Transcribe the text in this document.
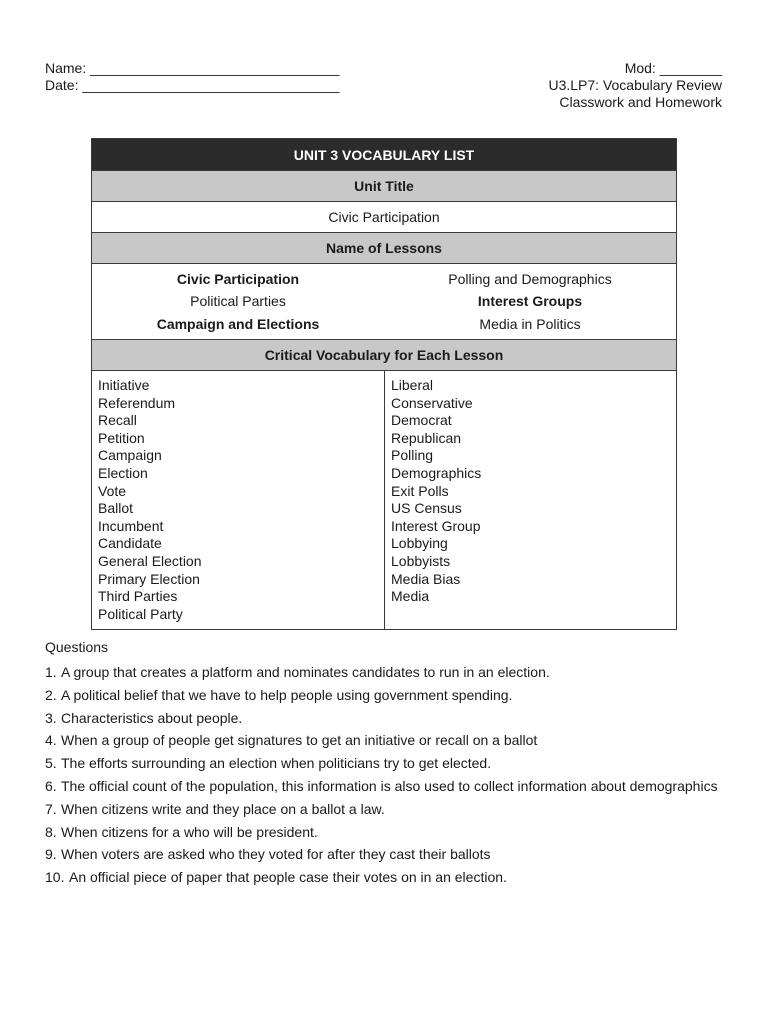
Name: ________________________________
Date: _________________________________
Mod: ________
U3.LP7: Vocabulary Review
Classwork and Homework
UNIT 3 VOCABULARY LIST
Unit Title
Civic Participation
Name of Lessons

Civic Participation	Polling and Demographics
Political Parties	Interest Groups
Campaign and Elections	Media in Politics

Critical Vocabulary for Each Lesson

Initiative
Referendum
Recall
Petition
Campaign
Election
Vote
Ballot
Incumbent
Candidate
General Election
Primary Election
Third Parties
Political Party

Liberal
Conservative
Democrat
Republican
Polling
Demographics
Exit Polls
US Census
Interest Group
Lobbying
Lobbyists
Media Bias
Media
Questions
1. A group that creates a platform and nominates candidates to run in an election.
2. A political belief that we have to help people using government spending.
3. Characteristics about people.
4. When a group of people get signatures to get an initiative or recall on a ballot
5. The efforts surrounding an election when politicians try to get elected.
6. The official count of the population, this information is also used to collect information about demographics
7. When citizens write and they place on a ballot a law.
8. When citizens for a who will be president.
9. When voters are asked who they voted for after they cast their ballots
10. An official piece of paper that people case their votes on in an election.
